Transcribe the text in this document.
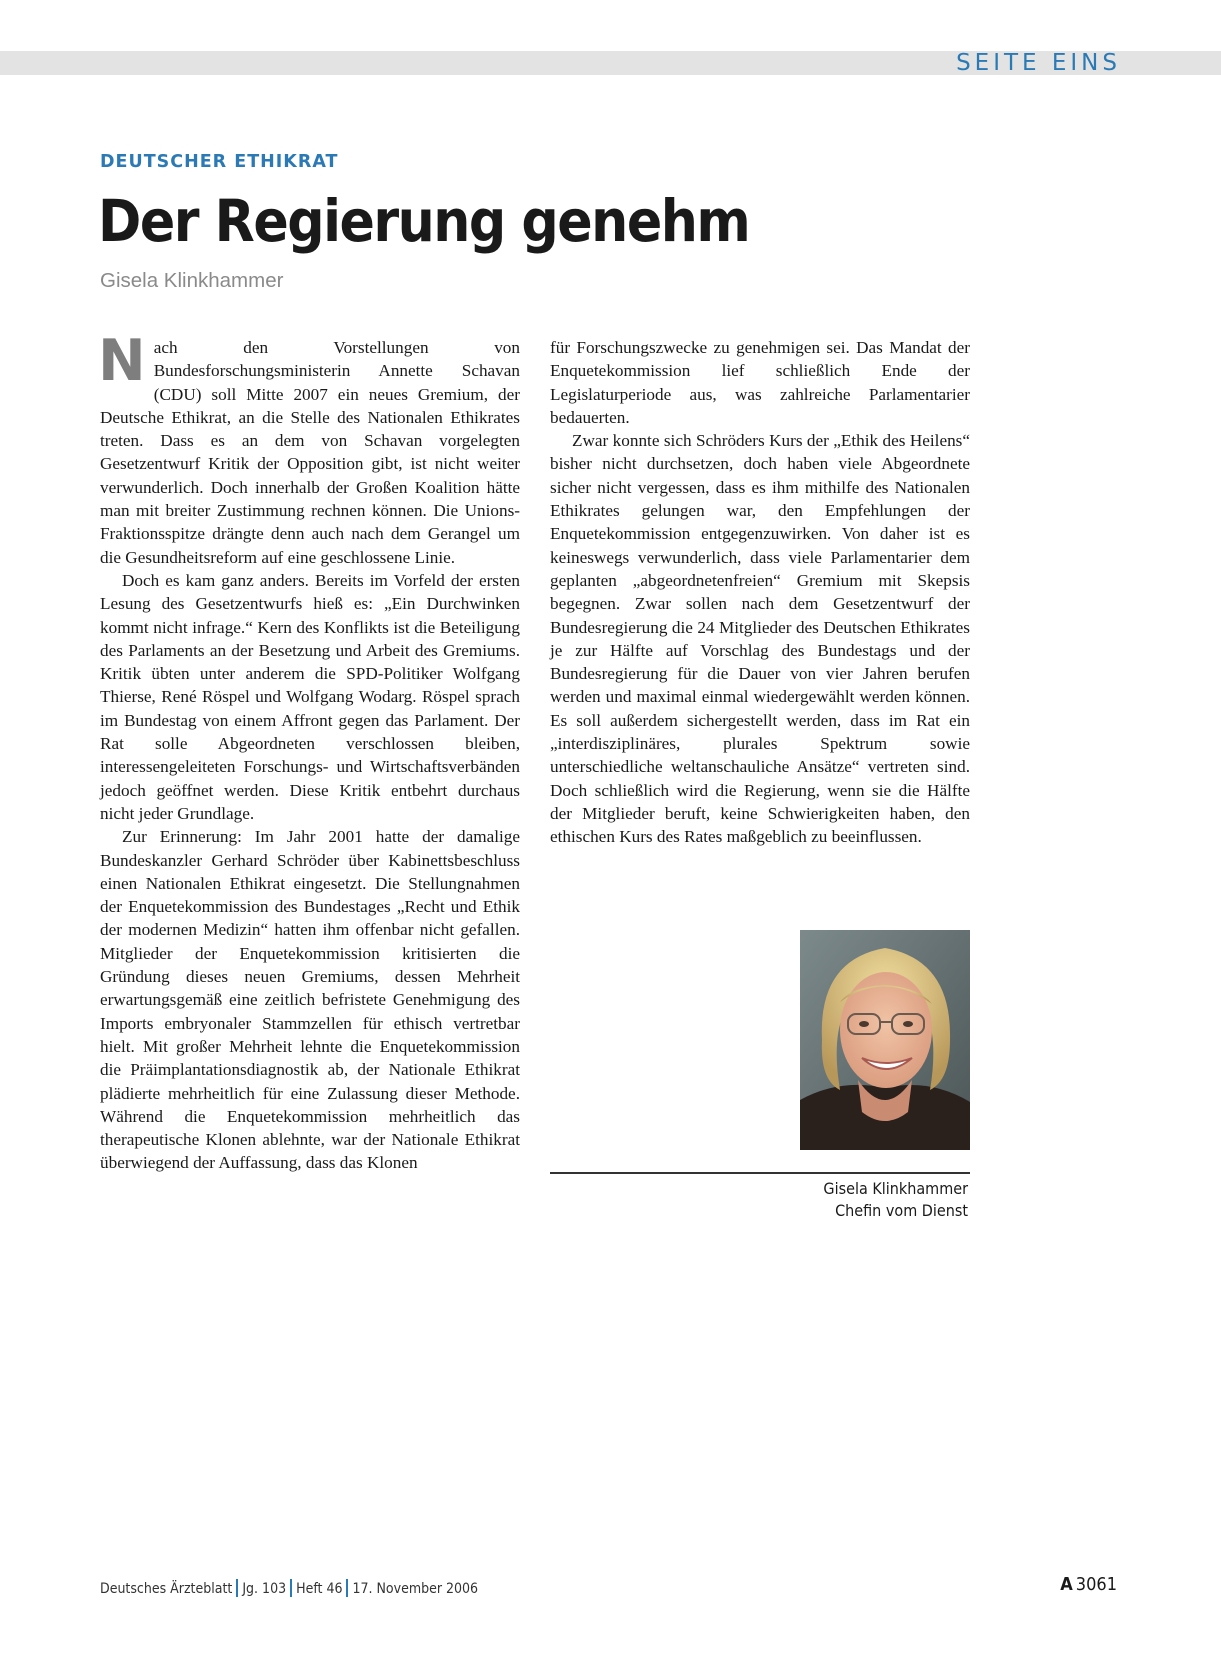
SEITE EINS
DEUTSCHER ETHIKRAT
Der Regierung genehm
Gisela Klinkhammer

Nach den Vorstellungen von Bundesforschungsministerin Annette Schavan (CDU) soll Mitte 2007 ein neues Gremium, der Deutsche Ethikrat, an die Stelle des Nationalen Ethikrates treten. Dass es an dem von Schavan vorgelegten Gesetzentwurf Kritik der Opposition gibt, ist nicht weiter verwunderlich. Doch innerhalb der Großen Koalition hätte man mit breiter Zustimmung rechnen können. Die Unions-Fraktionsspitze drängte denn auch nach dem Gerangel um die Gesundheitsreform auf eine geschlossene Linie.

Doch es kam ganz anders. Bereits im Vorfeld der ersten Lesung des Gesetzentwurfs hieß es: „Ein Durchwinken kommt nicht infrage.“ Kern des Konflikts ist die Beteiligung des Parlaments an der Besetzung und Arbeit des Gremiums. Kritik übten unter anderem die SPD-Politiker Wolfgang Thierse, René Röspel und Wolfgang Wodarg. Röspel sprach im Bundestag von einem Affront gegen das Parlament. Der Rat solle Abgeordneten verschlossen bleiben, interessengeleiteten Forschungs- und Wirtschaftsverbänden jedoch geöffnet werden. Diese Kritik entbehrt durchaus nicht jeder Grundlage.

Zur Erinnerung: Im Jahr 2001 hatte der damalige Bundeskanzler Gerhard Schröder über Kabinettsbeschluss einen Nationalen Ethikrat eingesetzt. Die Stellungnahmen der Enquetekommission des Bundestages „Recht und Ethik der modernen Medizin“ hatten ihm offenbar nicht gefallen. Mitglieder der Enquetekommission kritisierten die Gründung dieses neuen Gremiums, dessen Mehrheit erwartungsgemäß eine zeitlich befristete Genehmigung des Imports embryonaler Stammzellen für ethisch vertretbar hielt. Mit großer Mehrheit lehnte die Enquetekommission die Präimplantationsdiagnostik ab, der Nationale Ethikrat plädierte mehrheitlich für eine Zulassung dieser Methode. Während die Enquetekommission mehrheitlich das therapeutische Klonen ablehnte, war der Nationale Ethikrat überwiegend der Auffassung, dass das Klonen

für Forschungszwecke zu genehmigen sei. Das Mandat der Enquetekommission lief schließlich Ende der Legislaturperiode aus, was zahlreiche Parlamentarier bedauerten.

Zwar konnte sich Schröders Kurs der „Ethik des Heilens“ bisher nicht durchsetzen, doch haben viele Abgeordnete sicher nicht vergessen, dass es ihm mithilfe des Nationalen Ethikrates gelungen war, den Empfehlungen der Enquetekommission entgegenzuwirken. Von daher ist es keineswegs verwunderlich, dass viele Parlamentarier dem geplanten „abgeordnetenfreien“ Gremium mit Skepsis begegnen. Zwar sollen nach dem Gesetzentwurf der Bundesregierung die 24 Mitglieder des Deutschen Ethikrates je zur Hälfte auf Vorschlag des Bundestags und der Bundesregierung für die Dauer von vier Jahren berufen werden und maximal einmal wiedergewählt werden können. Es soll außerdem sichergestellt werden, dass im Rat ein „interdisziplinäres, plurales Spektrum sowie unterschiedliche weltanschauliche Ansätze“ vertreten sind. Doch schließlich wird die Regierung, wenn sie die Hälfte der Mitglieder beruft, keine Schwierigkeiten haben, den ethischen Kurs des Rates maßgeblich zu beeinflussen.

Gisela Klinkhammer
Chefin vom Dienst
Deutsches Ärzteblatt Jg. 103 Heft 46 17. November 2006	A 3061
